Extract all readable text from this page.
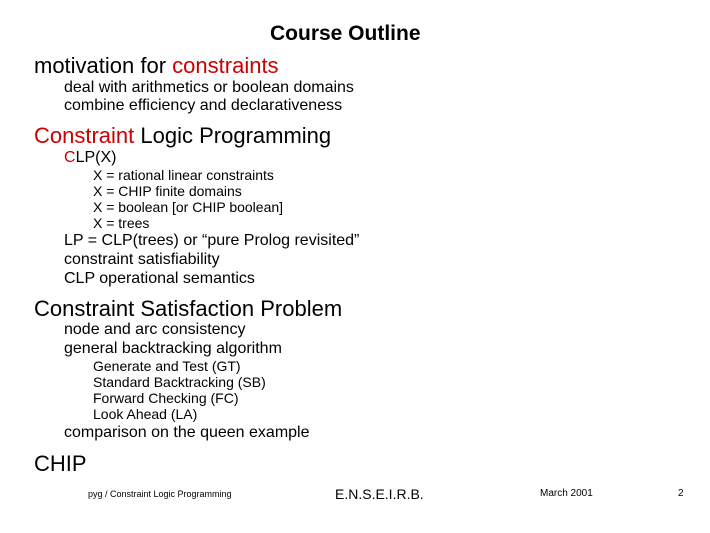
Course Outline
motivation for constraints
deal with arithmetics or boolean domains
combine efficiency and declarativeness
Constraint Logic Programming
CLP(X)
X = rational linear constraints
X = CHIP finite domains
X = boolean [or CHIP boolean]
X = trees
LP = CLP(trees) or “pure Prolog revisited”
constraint satisfiability
CLP operational semantics
Constraint Satisfaction Problem
node and arc consistency
general backtracking algorithm
Generate and Test (GT)
Standard Backtracking (SB)
Forward Checking (FC)
Look Ahead (LA)
comparison on the queen example
CHIP
pyg / Constraint Logic Programming	E.N.S.E.I.R.B.	March 2001	2
